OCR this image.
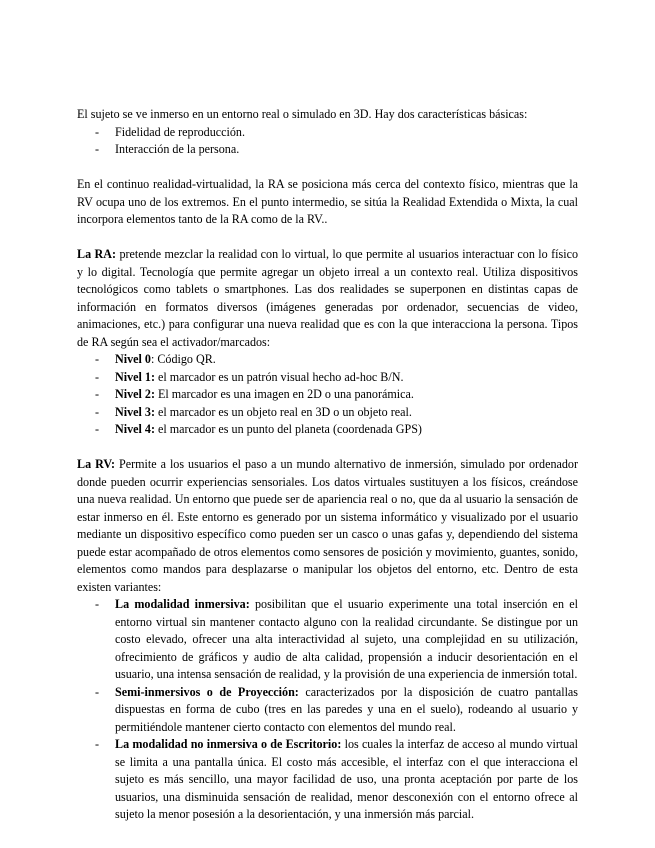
El sujeto se ve inmerso en un entorno real o simulado en 3D. Hay dos características básicas:

- Fidelidad de reproducción.
- Interacción de la persona.

En el continuo realidad-virtualidad, la RA se posiciona más cerca del contexto físico, mientras que la RV ocupa uno de los extremos. En el punto intermedio, se sitúa la Realidad Extendida o Mixta, la cual incorpora elementos tanto de la RA como de la RV..

La RA: pretende mezclar la realidad con lo virtual, lo que permite al usuarios interactuar con lo físico y lo digital. Tecnología que permite agregar un objeto irreal a un contexto real. Utiliza dispositivos tecnológicos como tablets o smartphones. Las dos realidades se superponen en distintas capas de información en formatos diversos (imágenes generadas por ordenador, secuencias de video, animaciones, etc.) para configurar una nueva realidad que es con la que interacciona la persona. Tipos de RA según sea el activador/marcados:

- Nivel 0: Código QR.
- Nivel 1: el marcador es un patrón visual hecho ad-hoc B/N.
- Nivel 2: El marcador es una imagen en 2D o una panorámica.
- Nivel 3: el marcador es un objeto real en 3D o un objeto real.
- Nivel 4: el marcador es un punto del planeta (coordenada GPS)

La RV: Permite a los usuarios el paso a un mundo alternativo de inmersión, simulado por ordenador donde pueden ocurrir experiencias sensoriales. Los datos virtuales sustituyen a los físicos, creándose una nueva realidad. Un entorno que puede ser de apariencia real o no, que da al usuario la sensación de estar inmerso en él. Este entorno es generado por un sistema informático y visualizado por el usuario mediante un dispositivo específico como pueden ser un casco o unas gafas y, dependiendo del sistema puede estar acompañado de otros elementos como sensores de posición y movimiento, guantes, sonido, elementos como mandos para desplazarse o manipular los objetos del entorno, etc. Dentro de esta existen variantes:

- La modalidad inmersiva: posibilitan que el usuario experimente una total inserción en el entorno virtual sin mantener contacto alguno con la realidad circundante. Se distingue por un costo elevado, ofrecer una alta interactividad al sujeto, una complejidad en su utilización, ofrecimiento de gráficos y audio de alta calidad, propensión a inducir desorientación en el usuario, una intensa sensación de realidad, y la provisión de una experiencia de inmersión total.
- Semi-inmersivos o de Proyección: caracterizados por la disposición de cuatro pantallas dispuestas en forma de cubo (tres en las paredes y una en el suelo), rodeando al usuario y permitiéndole mantener cierto contacto con elementos del mundo real.
- La modalidad no inmersiva o de Escritorio: los cuales la interfaz de acceso al mundo virtual se limita a una pantalla única. El costo más accesible, el interfaz con el que interacciona el sujeto es más sencillo, una mayor facilidad de uso, una pronta aceptación por parte de los usuarios, una disminuida sensación de realidad, menor desconexión con el entorno ofrece al sujeto la menor posesión a la desorientación, y una inmersión más parcial.
